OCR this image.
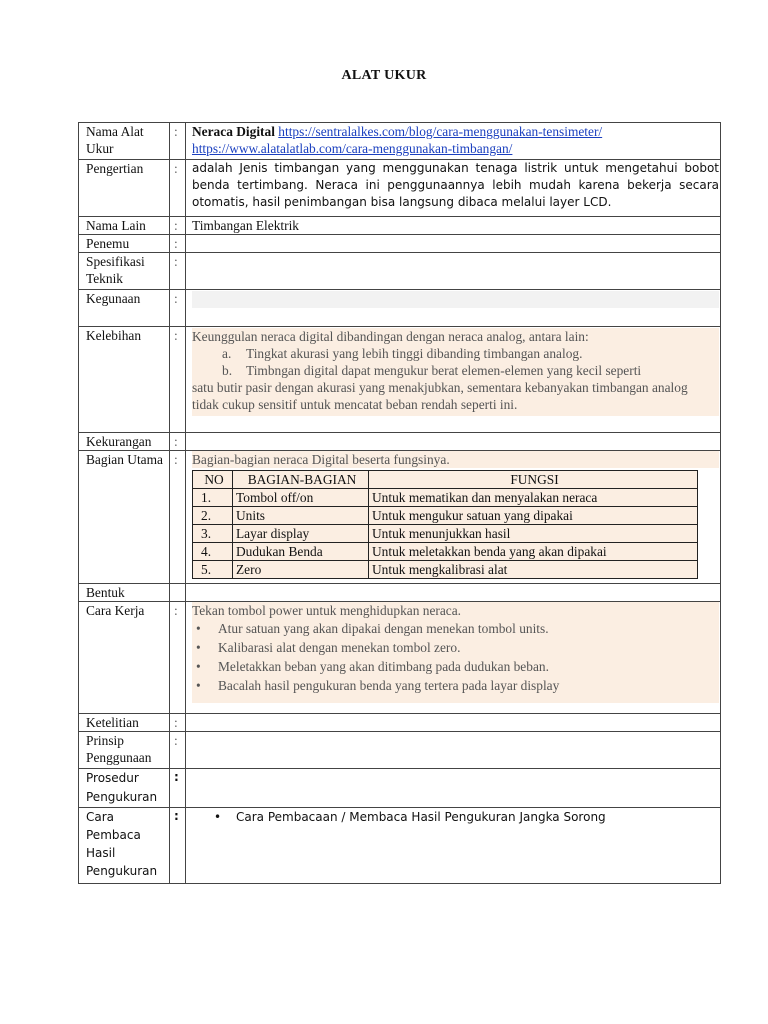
ALAT UKUR
Nama Alat Ukur	:	Neraca Digital https://sentralalkes.com/blog/cara-menggunakan-tensimeter/
https://www.alatalatlab.com/cara-menggunakan-timbangan/
Pengertian	:	adalah Jenis timbangan yang menggunakan tenaga listrik untuk mengetahui bobot benda tertimbang. Neraca ini penggunaannya lebih mudah karena bekerja secara otomatis, hasil penimbangan bisa langsung dibaca melalui layer LCD.
Nama Lain	:	Timbangan Elektrik
Penemu	:	
Spesifikasi Teknik	:	
Kegunaan	:	

Kelebihan	:	Keunggulan neraca digital dibandingan dengan neraca analog, antara lain:
a. Tingkat akurasi yang lebih tinggi dibanding timbangan analog.
b. Timbngan digital dapat mengukur berat elemen-elemen yang kecil seperti
satu butir pasir dengan akurasi yang menakjubkan, sementara kebanyakan timbangan analog tidak cukup sensitif untuk mencatat beban rendah seperti ini.

Kekurangan	:	
Bagian Utama	:	Bagian-bagian neraca Digital beserta fungsinya.
NO	BAGIAN-BAGIAN	FUNGSI
1.	Tombol off/on	Untuk mematikan dan menyalakan neraca
2.	Units	Untuk mengukur satuan yang dipakai
3.	Layar display	Untuk menunjukkan hasil
4.	Dudukan Benda	Untuk meletakkan benda yang akan dipakai
5.	Zero	Untuk mengkalibrasi alat

Bentuk		
Cara Kerja	:	Tekan tombol power untuk menghidupkan neraca.
• Atur satuan yang akan dipakai dengan menekan tombol units.
• Kalibarasi alat dengan menekan tombol zero.
• Meletakkan beban yang akan ditimbang pada dudukan beban.
• Bacalah hasil pengukuran benda yang tertera pada layar display

Ketelitian	:	
Prinsip Penggunaan	:	
Prosedur Pengukuran	:	
Cara Pembaca Hasil Pengukuran	:	
•Cara Pembacaan / Membaca Hasil Pengukuran Jangka Sorong
